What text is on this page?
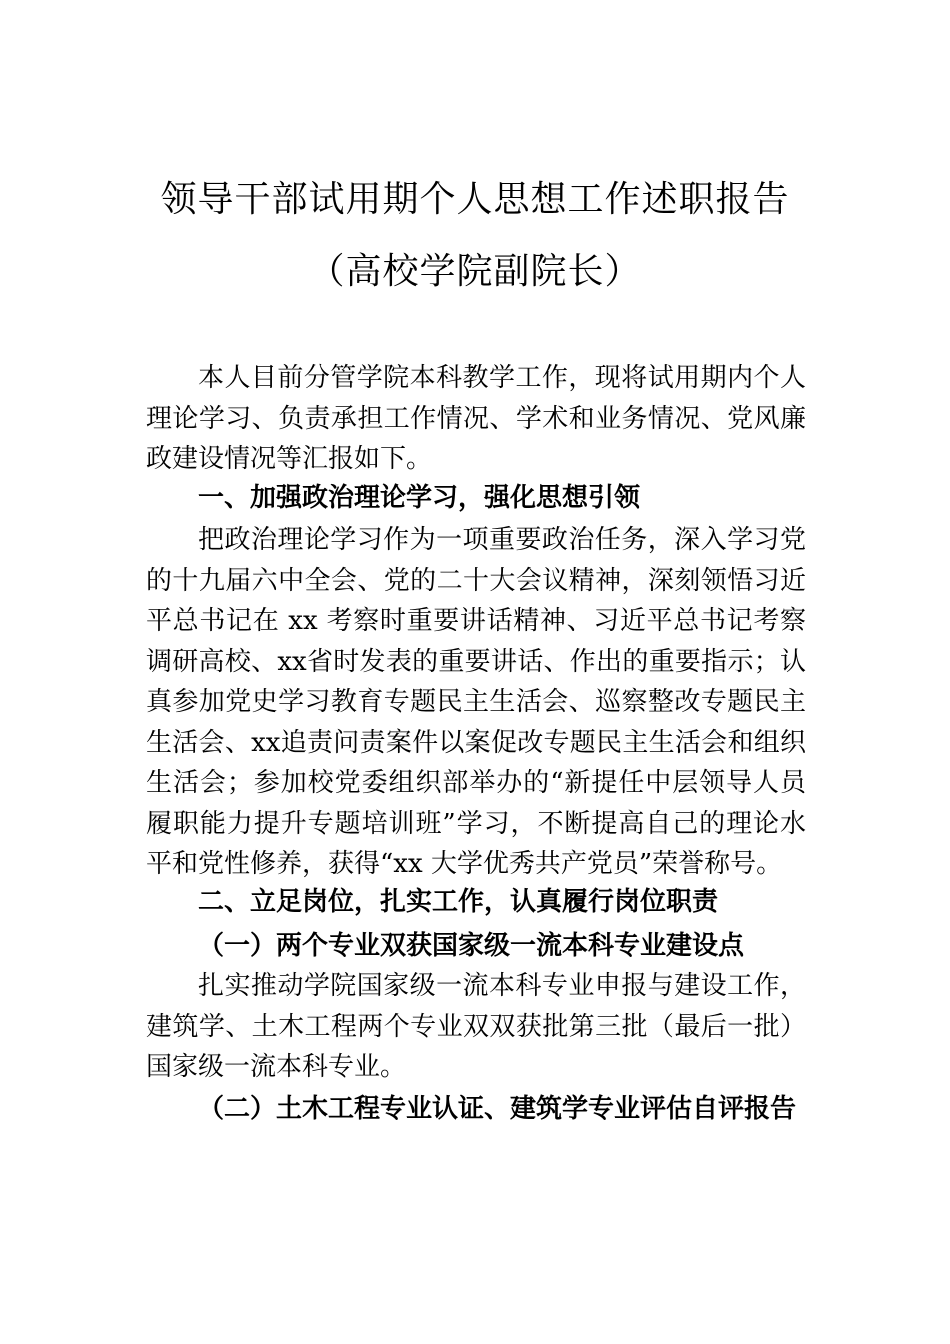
领导干部试用期个人思想工作述职报告
（高校学院副院长）

本人目前分管学院本科教学工作，现将试用期内个人理论学习、负责承担工作情况、学术和业务情况、党风廉政建设情况等汇报如下。

一、加强政治理论学习，强化思想引领

把政治理论学习作为一项重要政治任务，深入学习党的十九届六中全会、党的二十大会议精神，深刻领悟习近平总书记在 xx 考察时重要讲话精神、习近平总书记考察调研高校、xx省时发表的重要讲话、作出的重要指示；认真参加党史学习教育专题民主生活会、巡察整改专题民主生活会、xx追责问责案件以案促改专题民主生活会和组织生活会；参加校党委组织部举办的“新提任中层领导人员履职能力提升专题培训班”学习，不断提高自己的理论水平和党性修养，获得“xx 大学优秀共产党员”荣誉称号。

二、立足岗位，扎实工作，认真履行岗位职责
（一）两个专业双获国家级一流本科专业建设点

扎实推动学院国家级一流本科专业申报与建设工作，建筑学、土木工程两个专业双双获批第三批（最后一批）国家级一流本科专业。

（二）土木工程专业认证、建筑学专业评估自评报告
